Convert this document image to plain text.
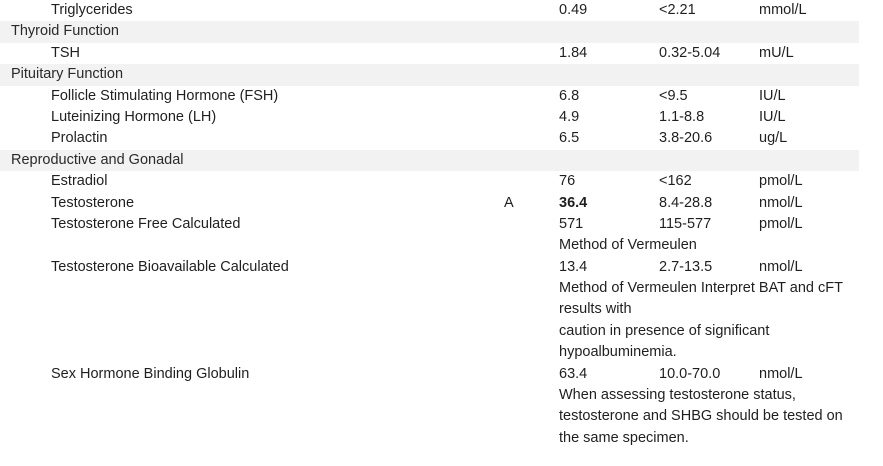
Triglycerides	0.49	<2.21	mmol/L
Thyroid Function
TSH	1.84	0.32-5.04	mU/L
Pituitary Function
Follicle Stimulating Hormone (FSH)	6.8	<9.5	IU/L
Luteinizing Hormone (LH)	4.9	1.1-8.8	IU/L
Prolactin	6.5	3.8-20.6	ug/L
Reproductive and Gonadal
Estradiol	76	<162	pmol/L
Testosterone	A	36.4	8.4-28.8	nmol/L
Testosterone Free Calculated	571	115-577	pmol/L
Method of Vermeulen
Testosterone Bioavailable Calculated	13.4	2.7-13.5	nmol/L
Method of Vermeulen Interpret BAT and cFT
results with
caution in presence of significant
hypoalbuminemia.
Sex Hormone Binding Globulin	63.4	10.0-70.0	nmol/L
When assessing testosterone status,
testosterone and SHBG should be tested on
the same specimen.
